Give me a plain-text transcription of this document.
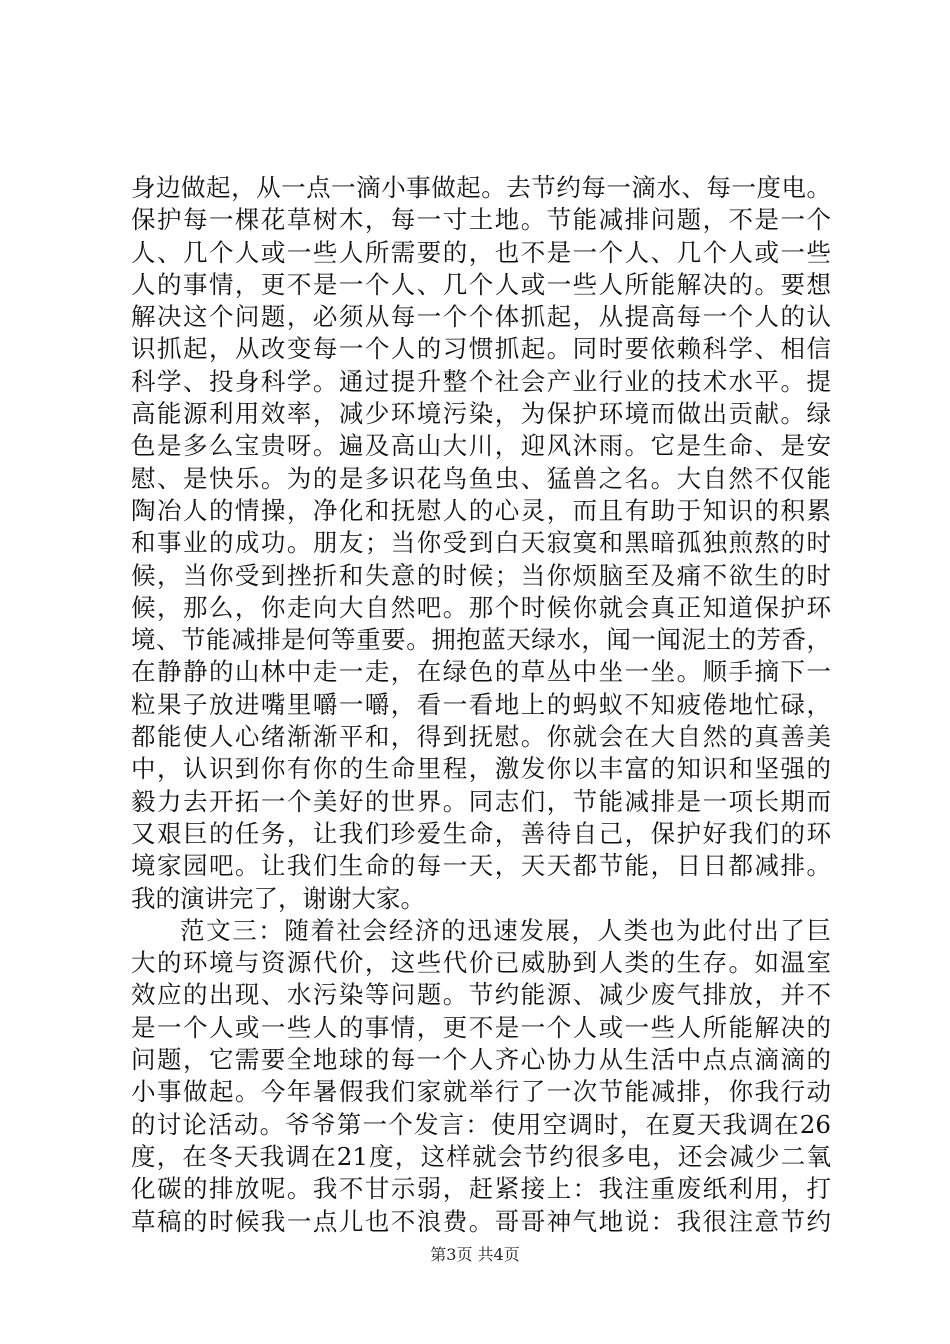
身边做起，从一点一滴小事做起。去节约每一滴水、每一度电。
保护每一棵花草树木，每一寸土地。节能减排问题，不是一个
人、几个人或一些人所需要的，也不是一个人、几个人或一些
人的事情，更不是一个人、几个人或一些人所能解决的。要想
解决这个问题，必须从每一个个体抓起，从提高每一个人的认
识抓起，从改变每一个人的习惯抓起。同时要依赖科学、相信
科学、投身科学。通过提升整个社会产业行业的技术水平。提
高能源利用效率，减少环境污染，为保护环境而做出贡献。绿
色是多么宝贵呀。遍及高山大川，迎风沐雨。它是生命、是安
慰、是快乐。为的是多识花鸟鱼虫、猛兽之名。大自然不仅能
陶冶人的情操，净化和抚慰人的心灵，而且有助于知识的积累
和事业的成功。朋友；当你受到白天寂寞和黑暗孤独煎熬的时
候，当你受到挫折和失意的时候；当你烦脑至及痛不欲生的时
候，那么，你走向大自然吧。那个时候你就会真正知道保护环
境、节能减排是何等重要。拥抱蓝天绿水，闻一闻泥土的芳香，
在静静的山林中走一走，在绿色的草丛中坐一坐。顺手摘下一
粒果子放进嘴里嚼一嚼，看一看地上的蚂蚁不知疲倦地忙碌，
都能使人心绪渐渐平和，得到抚慰。你就会在大自然的真善美
中，认识到你有你的生命里程，激发你以丰富的知识和坚强的
毅力去开拓一个美好的世界。同志们，节能减排是一项长期而
又艰巨的任务，让我们珍爱生命，善待自己，保护好我们的环
境家园吧。让我们生命的每一天，天天都节能，日日都减排。
我的演讲完了，谢谢大家。
范文三：随着社会经济的迅速发展，人类也为此付出了巨
大的环境与资源代价，这些代价已威胁到人类的生存。如温室
效应的出现、水污染等问题。节约能源、减少废气排放，并不
是一个人或一些人的事情，更不是一个人或一些人所能解决的
问题，它需要全地球的每一个人齐心协力从生活中点点滴滴的
小事做起。今年暑假我们家就举行了一次节能减排，你我行动
的讨论活动。爷爷第一个发言：使用空调时，在夏天我调在26
度，在冬天我调在21度，这样就会节约很多电，还会减少二氧
化碳的排放呢。我不甘示弱，赶紧接上：我注重废纸利用，打
草稿的时候我一点儿也不浪费。哥哥神气地说：我很注意节约
第3页 共4页
